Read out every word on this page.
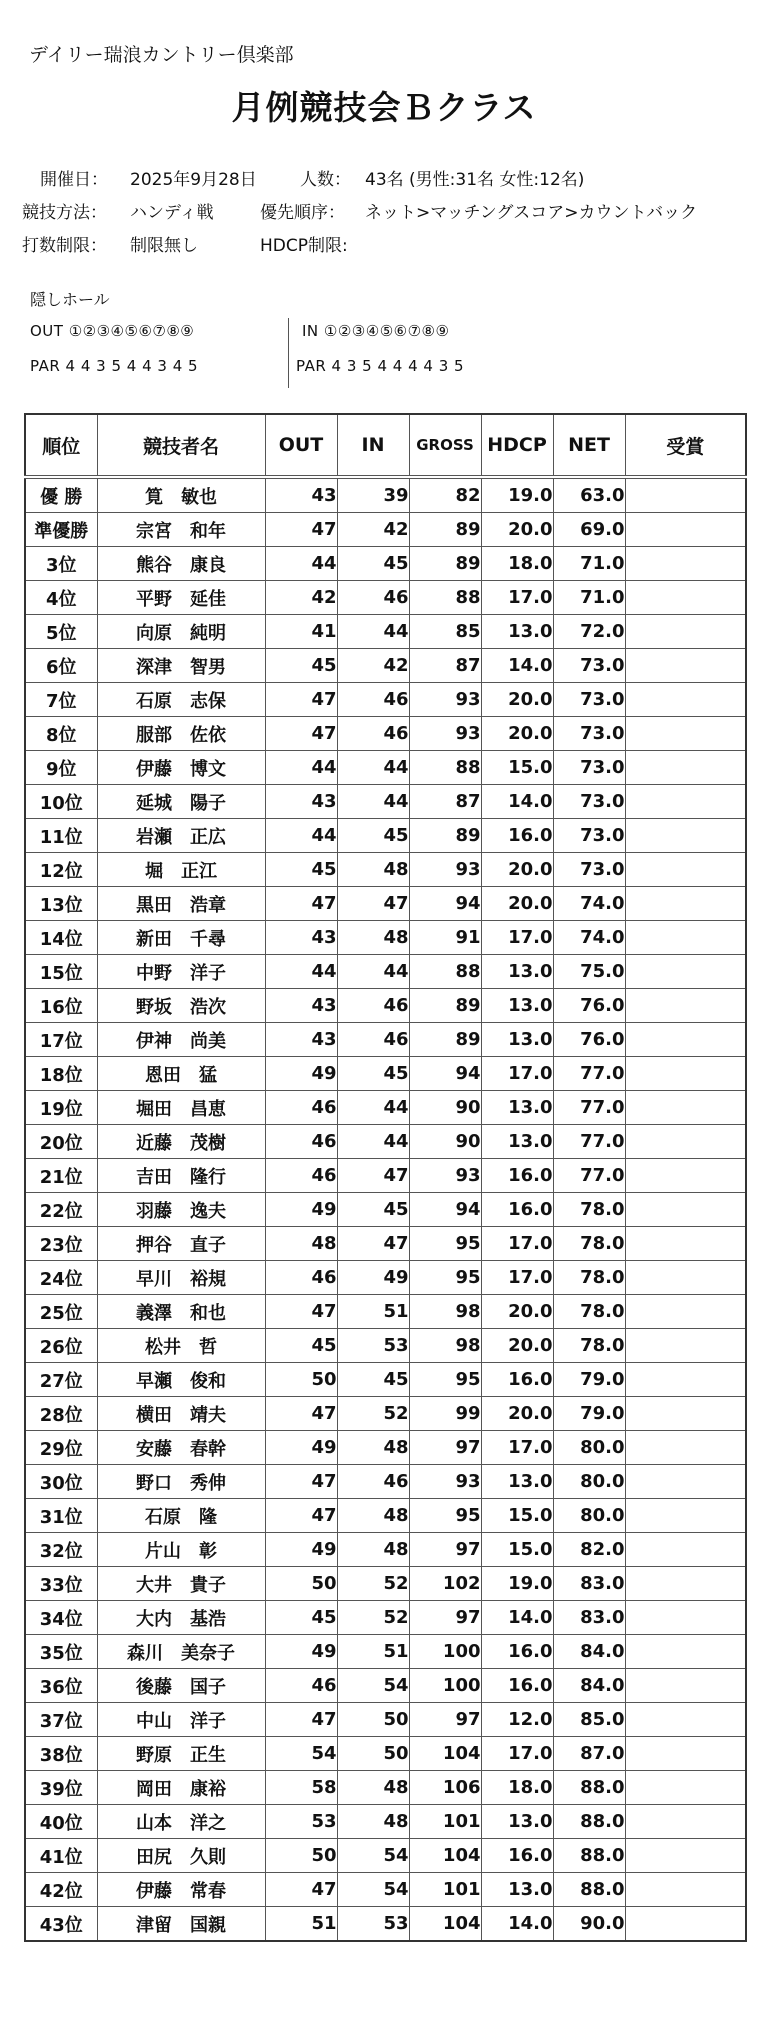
デイリー瑞浪カントリー倶楽部
月例競技会Ｂクラス
開催日： 2025年9月28日	人数： 43名 (男性:31名 女性:12名)
競技方法： ハンディ戦	優先順序： ネット>マッチングスコア>カウントバック
打数制限： 制限無し	HDCP制限:
隠しホール
OUT ①②③④⑤⑥⑦⑧⑨	IN ①②③④⑤⑥⑦⑧⑨
PAR 4 4 3 5 4 4 3 4 5	PAR 4 3 5 4 4 4 4 3 5
順位	競技者名	OUT	IN	GROSS	HDCP	NET	受賞
優 勝	筧　敏也	43	39	82	19.0	63.0	
準優勝	宗宮　和年	47	42	89	20.0	69.0	
3位	熊谷　康良	44	45	89	18.0	71.0	
4位	平野　延佳	42	46	88	17.0	71.0	
5位	向原　純明	41	44	85	13.0	72.0	
6位	深津　智男	45	42	87	14.0	73.0	
7位	石原　志保	47	46	93	20.0	73.0	
8位	服部　佐依	47	46	93	20.0	73.0	
9位	伊藤　博文	44	44	88	15.0	73.0	
10位	延城　陽子	43	44	87	14.0	73.0	
11位	岩瀬　正広	44	45	89	16.0	73.0	
12位	堀　正江	45	48	93	20.0	73.0	
13位	黒田　浩章	47	47	94	20.0	74.0	
14位	新田　千尋	43	48	91	17.0	74.0	
15位	中野　洋子	44	44	88	13.0	75.0	
16位	野坂　浩次	43	46	89	13.0	76.0	
17位	伊神　尚美	43	46	89	13.0	76.0	
18位	恩田　猛	49	45	94	17.0	77.0	
19位	堀田　昌恵	46	44	90	13.0	77.0	
20位	近藤　茂樹	46	44	90	13.0	77.0	
21位	吉田　隆行	46	47	93	16.0	77.0	
22位	羽藤　逸夫	49	45	94	16.0	78.0	
23位	押谷　直子	48	47	95	17.0	78.0	
24位	早川　裕規	46	49	95	17.0	78.0	
25位	義澤　和也	47	51	98	20.0	78.0	
26位	松井　哲	45	53	98	20.0	78.0	
27位	早瀬　俊和	50	45	95	16.0	79.0	
28位	横田　靖夫	47	52	99	20.0	79.0	
29位	安藤　春幹	49	48	97	17.0	80.0	
30位	野口　秀伸	47	46	93	13.0	80.0	
31位	石原　隆	47	48	95	15.0	80.0	
32位	片山　彰	49	48	97	15.0	82.0	
33位	大井　貴子	50	52	102	19.0	83.0	
34位	大内　基浩	45	52	97	14.0	83.0	
35位	森川　美奈子	49	51	100	16.0	84.0	
36位	後藤　国子	46	54	100	16.0	84.0	
37位	中山　洋子	47	50	97	12.0	85.0	
38位	野原　正生	54	50	104	17.0	87.0	
39位	岡田　康裕	58	48	106	18.0	88.0	
40位	山本　洋之	53	48	101	13.0	88.0	
41位	田尻　久則	50	54	104	16.0	88.0	
42位	伊藤　常春	47	54	101	13.0	88.0	
43位	津留　国親	51	53	104	14.0	90.0	
